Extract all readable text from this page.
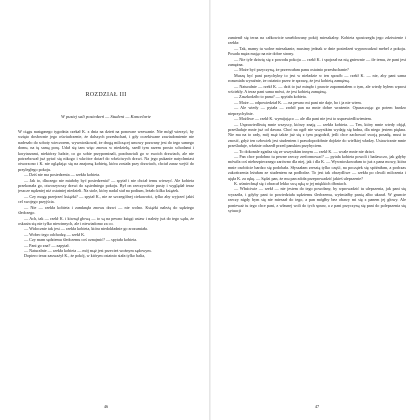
ROZDZIAŁ III
W pustej sali posiedzeń — Student — Kancelarie

W ciągu następnego tygodnia czekał K. z dnia na dzień na ponowne wezwanie. Nie mógł wierzyć, by wzięto dosłownie jego oświadczenie, że dalszych przesłuchań, i gdy oczekiwane zawiadomienie nie nadeszło do soboty wieczorem, wywnioskował, że drogą milczącej umowy pozwany jest do tego samego domu, na tę samą porę. Udał się tam więc znowu w niedzielę, szedł tym razem prosto schodami i korytarzami, niektórzy ludzie, co go sobie przypominali, pozdrawiali go w swoich drzwiach, ale nie potrzebował już pytać się nikogo i wkrótce dotarł do właściwych drzwi. Na jego pukanie natychmiast otworzono i K. nie oglądając się na znajomą kobietę, która została przy drzwiach, chciał zaraz wejść do przyległego pokoju.

— Dziś nie ma posiedzenia — rzekła kobieta.

— Jak to, dlaczego nie miałoby być posiedzenia? — spytał i nie chciał temu wierzyć. Ale kobieta przekonała go, otworzywszy drzwi do sąsiedniego pokoju. Był on rzeczywiście pusty i wyglądał teraz jeszcze nędzniej niż ostatniej niedzieli. Na stole, który nadal stał na podium, leżało kilka książek.

— Czy mogę przejrzeć książki? — spytał K., nie ze szczególnej ciekawości, tylko aby wyjrzeć jakiś cel swojego przyjścia.

— Nie — rzekła kobieta i zamknęła znowu drzwi — nie wolno. Książki należą do sędziego śledczego.

— Ach, tak — rzekł K. i kiwnął głową — to są na pewno księgi ustaw i należy już do tego sądu, że oskarża się nie tylko niewinnych, ale i niewiadomo za co.

— Widocznie tak jest — rzekła kobieta, która niedokładnie go zrozumiała.

— Wobec tego odchodzę — rzekł K.

— Czy mam sędziemu śledczemu coś oznajmić? — spytała kobieta.

— Pani go zna? — zapytał.

— Naturalnie — rzekła kobieta — mój mąż jest przecież woźnym sądowym.

Dopiero teraz zauważył K., że pokój, w którym ostatnio stała tylko balia,

46

zamienił się teraz na całkowicie umeblowany pokój mieszkalny. Kobieta spostrzegła jego zdziwienie i rzekła:

— Tak, mamy tu wolne mieszkanie, musimy jednak w dnie posiedzeń wyprowadzać mebel z pokoju. Posada męża mając na nie dobre strony.

— Nie tyle dziwię się z powodu pokoju — rzekł K. i spojrzał na nią gniewnie — ile temu, że pani jest zamężna.

— Może być przyczyną, że przerwałam panu ostatnio przesłuchanie?

Muszę być pani przychylny to jest w nieładzie w ten sposób — rzekł K. — nie, aby pani sama rozumiała wyraźnie, że ostatnio przez te sprawę, że jest kobietą zamężną.

— Naturalnie — rzekł K. — dziś to już minęło i prawie zapomniałem o tym, ale wtedy byłem wprost wściekły. A teraz pani sama mówi, że jest kobietą zamężną.

— Zaszkodziło to panu? — spytała kobieta.

— Może — odpowiedział K. — na pewno mi pani nie daje, bo i ja nie wiem.

— Ale wtedy — pytała — zrobił pan na mnie dobre wrażenie. Opuszczając go potem bardzo nieprzychylnie.

— Możliwe — rzekł K. wymijająco — ale dla pani nie jest to usprawiedliwieniem.

— Usprawiedliwię mnie wszyscy, którzy znają — rzekła kobieta. — Ten, który mnie wtedy objął, prześladuje mnie już od dawna. Choć na ogół nie wszystkim wydaję się ładna, dla niego jestem piękna. Nie ma na to rady, mój mąż także już się z tym pogodził, jeśli chce zachować swoją posadę, musi to znosić, gdyż ten człowiek jest studentem i prawdopodobnie dojdzie do wielkiej władzy. Ustawicznie mnie prześladuje, właśnie odszedł przed panskim przybyciem.

— To dokonale zgadza się ze wszystkim innym — rzekł K. — wcale mnie nie dziwi.

— Pan chce podobno tu pewne rzeczy zreformować? — pytała kobieta powoli i badawczo, jak gdyby mówiła coś niebezpiecznego zarówno dla niej, jak i dla K. — Wywnioskowałam to już z pana mowy, która mnie osobiście bardzo się podobała. Słyszałam zresztą tylko część, na początek się spóźniłam, a podczas zakończenia leżałam ze studentem na podłodze. To jest tak obrzydliwe — rzekła po chwili milczenia i ujęła K. za rękę. — Sądzi pan, że mu pan zdoła przeprowadzić jakieś ulepszenie?

K. uśmiechnął się i obracał lekko swą ręką w jej miękkich dłoniach.

— Właściwie — rzekł — nie jestem do tego powołany, by wprowadzić tu ulepszenia, jak pani się wyraziła, i gdyby pani to powiedziała sędziemu śledczemu, wyśmiałby panią albo ukarał. W gruncie rzeczy nigdy bym się nie mieszał do tego, a pan mógłby bez obawy mi się z panem jej głowy. Ale ponieważ tu tego chce pani, z własnej woli do tych spraw, a z pani przyczyną się pani do polepszenia się sytuacji

47
